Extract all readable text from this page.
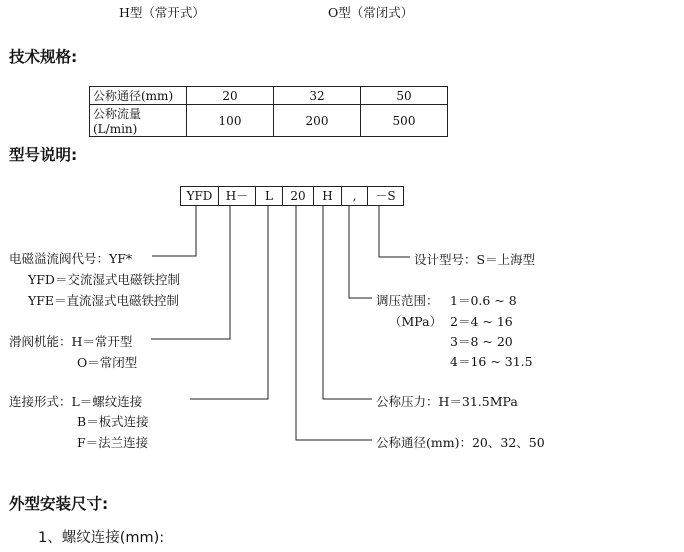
H型（常开式）	O型（常闭式）
技术规格:
公称通径(mm)	20	32	50
公称流量(L/min)	100	200	500
型号说明:
YFD	H－	L	20	H	,	－S
电磁溢流阀代号：YF*
YFD＝交流湿式电磁铁控制
YFE＝直流湿式电磁铁控制
滑阀机能：H＝常开型
O＝常闭型
连接形式：L＝螺纹连接
B＝板式连接
F＝法兰连接
设计型号：S＝上海型
调压范围：
（MPa）
1＝0.6 ~ 8
2＝4 ~ 16
3＝8 ~ 20
4＝16 ~ 31.5
公称压力：H＝31.5MPa
公称通径(mm)：20、32、50
外型安装尺寸:
1、螺纹连接(mm):
